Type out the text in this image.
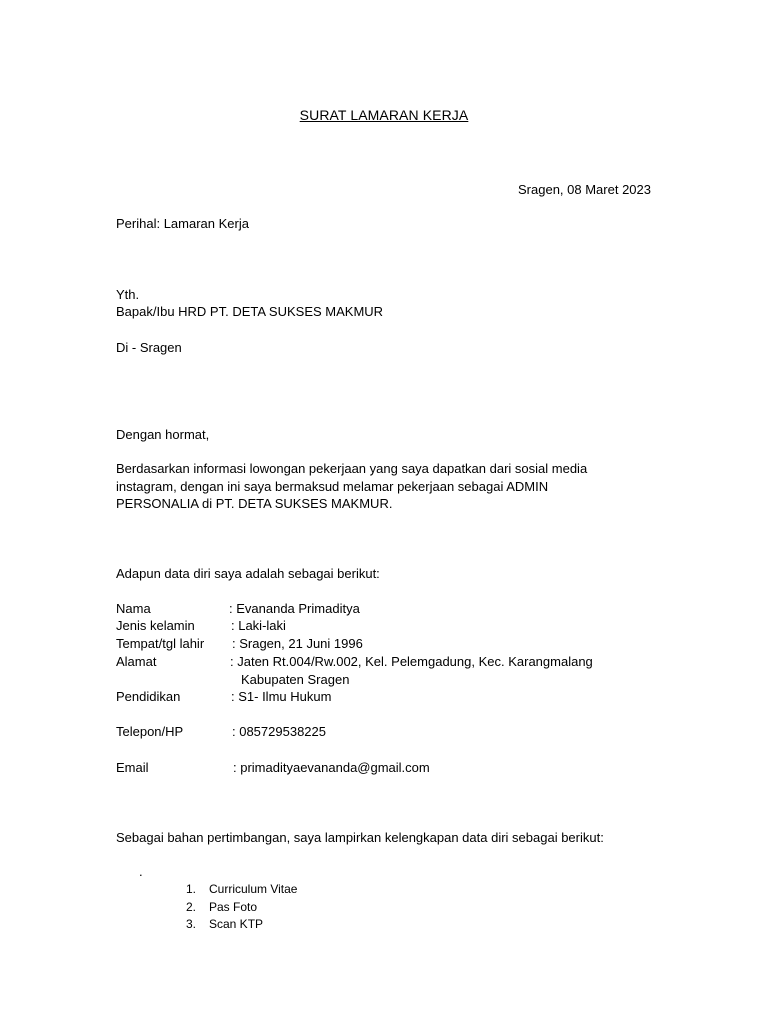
SURAT LAMARAN KERJA
Sragen, 08 Maret 2023
Perihal: Lamaran Kerja
Yth.
Bapak/Ibu HRD PT. DETA SUKSES MAKMUR
Di - Sragen
Dengan hormat,
Berdasarkan informasi lowongan pekerjaan yang saya dapatkan dari sosial media
instagram, dengan ini saya bermaksud melamar pekerjaan sebagai ADMIN
PERSONALIA di PT. DETA SUKSES MAKMUR.
Adapun data diri saya adalah sebagai berikut:
Nama	: Evananda Primaditya
Jenis kelamin	: Laki-laki
Tempat/tgl lahir : Sragen, 21 Juni 1996
Alamat	: Jaten Rt.004/Rw.002, Kel. Pelemgadung, Kec. Karangmalang
Kabupaten Sragen
Pendidikan	: S1- Ilmu Hukum
Telepon/HP	: 085729538225
Email	: primadityaevananda@gmail.com
Sebagai bahan pertimbangan, saya lampirkan kelengkapan data diri sebagai berikut:
.
1. Curriculum Vitae
2. Pas Foto
3. Scan KTP
